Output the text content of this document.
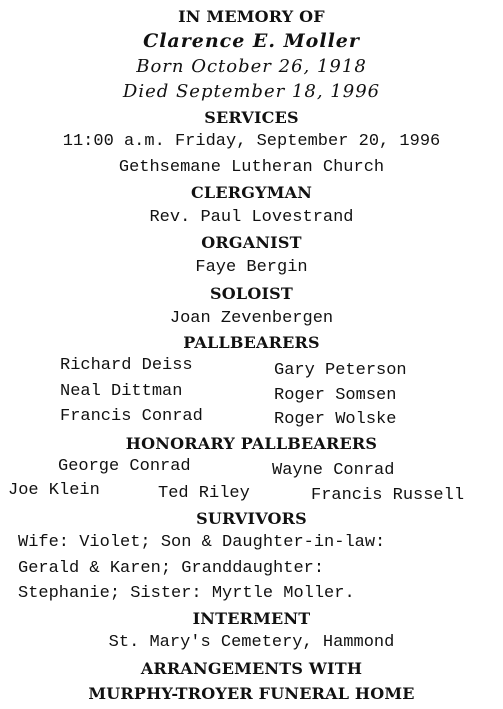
IN MEMORY OF
Clarence E. Moller
Born October 26, 1918
Died September 18, 1996
SERVICES
11:00 a.m. Friday, September 20, 1996
Gethsemane Lutheran Church
CLERGYMAN
Rev. Paul Lovestrand
ORGANIST
Faye Bergin
SOLOIST
Joan Zevenbergen
PALLBEARERS
Richard Deiss	Gary Peterson
Neal Dittman	Roger Somsen
Francis Conrad	Roger Wolske
HONORARY PALLBEARERS
George Conrad	Wayne Conrad
Joe Klein	Ted Riley	Francis Russell
SURVIVORS
Wife: Violet; Son & Daughter-in-law:
Gerald & Karen; Granddaughter:
Stephanie; Sister: Myrtle Moller.
INTERMENT
St. Mary's Cemetery, Hammond
ARRANGEMENTS WITH
MURPHY-TROYER FUNERAL HOME
